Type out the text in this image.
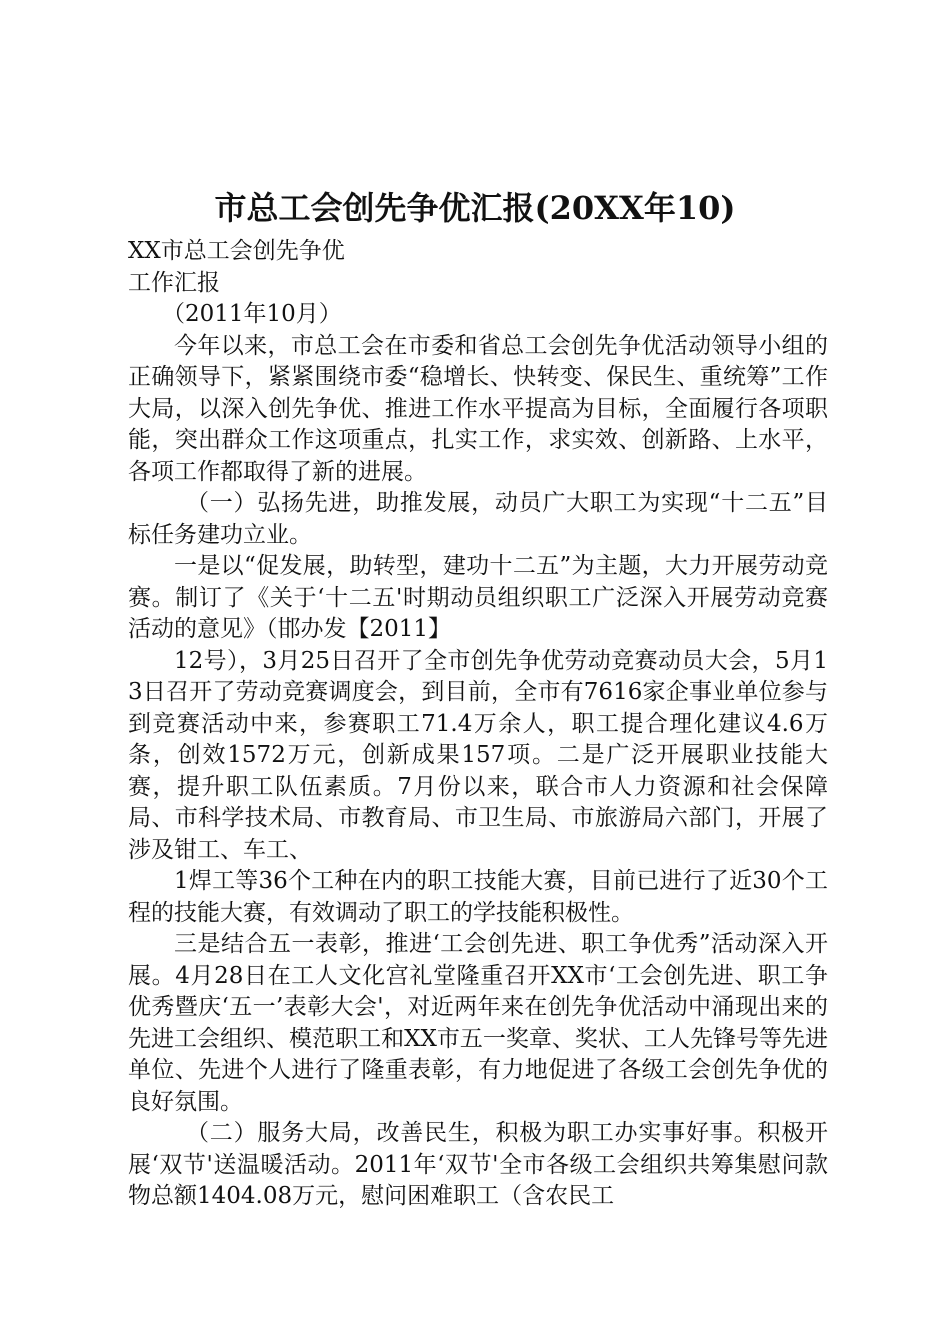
市总工会创先争优汇报(20XX年10)

XX市总工会创先争优

工作汇报

（2011年10月）

今年以来，市总工会在市委和省总工会创先争优活动领导小组的正确领导下，紧紧围绕市委“稳增长、快转变、保民生、重统筹”工作大局，以深入创先争优、推进工作水平提高为目标，全面履行各项职能，突出群众工作这项重点，扎实工作，求实效、创新路、上水平，各项工作都取得了新的进展。

（一）弘扬先进，助推发展，动员广大职工为实现“十二五”目标任务建功立业。

一是以“促发展，助转型，建功十二五”为主题，大力开展劳动竞赛。制订了《关于‘十二五'时期动员组织职工广泛深入开展劳动竞赛活动的意见》（邯办发【2011】

12号），3月25日召开了全市创先争优劳动竞赛动员大会，5月13日召开了劳动竞赛调度会，到目前，全市有7616家企事业单位参与到竞赛活动中来，参赛职工71.4万余人，职工提合理化建议4.6万条，创效1572万元，创新成果157项。二是广泛开展职业技能大赛，提升职工队伍素质。7月份以来，联合市人力资源和社会保障局、市科学技术局、市教育局、市卫生局、市旅游局六部门，开展了涉及钳工、车工、

1焊工等36个工种在内的职工技能大赛，目前已进行了近30个工程的技能大赛，有效调动了职工的学技能积极性。

三是结合五一表彰，推进‘工会创先进、职工争优秀”活动深入开展。4月28日在工人文化宫礼堂隆重召开XX市‘工会创先进、职工争优秀暨庆‘五一’表彰大会'，对近两年来在创先争优活动中涌现出来的先进工会组织、模范职工和XX市五一奖章、奖状、工人先锋号等先进单位、先进个人进行了隆重表彰，有力地促进了各级工会创先争优的良好氛围。

（二）服务大局，改善民生，积极为职工办实事好事。积极开展‘双节'送温暖活动。2011年‘双节'全市各级工会组织共筹集慰问款物总额1404.08万元，慰问困难职工（含农民工
